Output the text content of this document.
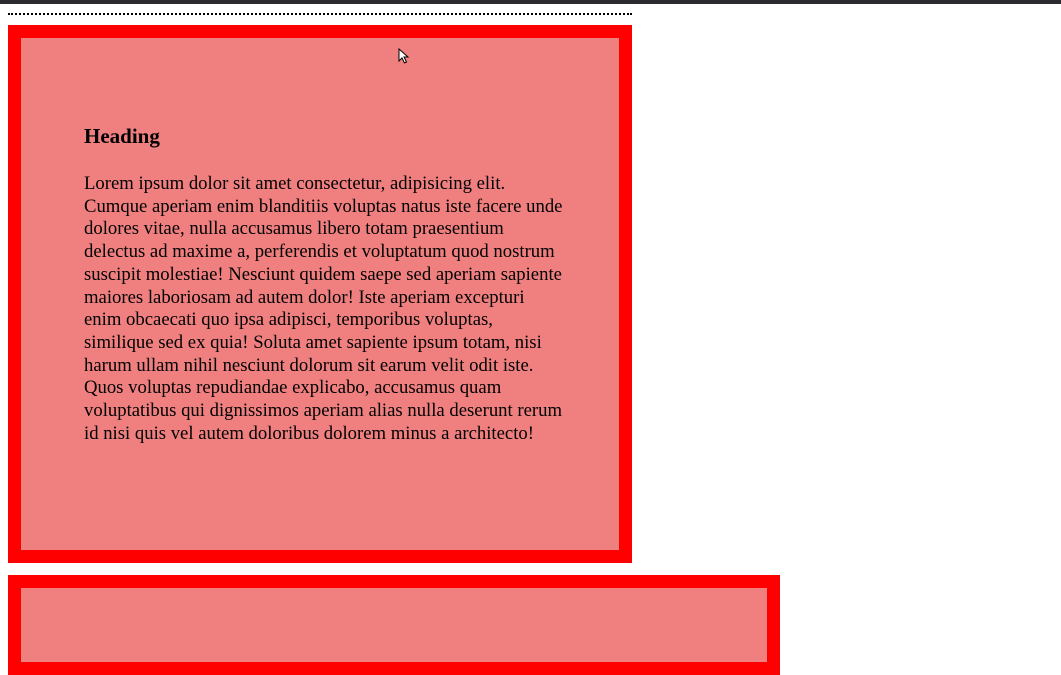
Heading

Lorem ipsum dolor sit amet consectetur, adipisicing elit. Cumque aperiam enim blanditiis voluptas natus iste facere unde dolores vitae, nulla accusamus libero totam praesentium delectus ad maxime a, perferendis et voluptatum quod nostrum suscipit molestiae! Nesciunt quidem saepe sed aperiam sapiente maiores laboriosam ad autem dolor! Iste aperiam excepturi enim obcaecati quo ipsa adipisci, temporibus voluptas, similique sed ex quia! Soluta amet sapiente ipsum totam, nisi harum ullam nihil nesciunt dolorum sit earum velit odit iste. Quos voluptas repudiandae explicabo, accusamus quam voluptatibus qui dignissimos aperiam alias nulla deserunt rerum id nisi quis vel autem doloribus dolorem minus a architecto!
